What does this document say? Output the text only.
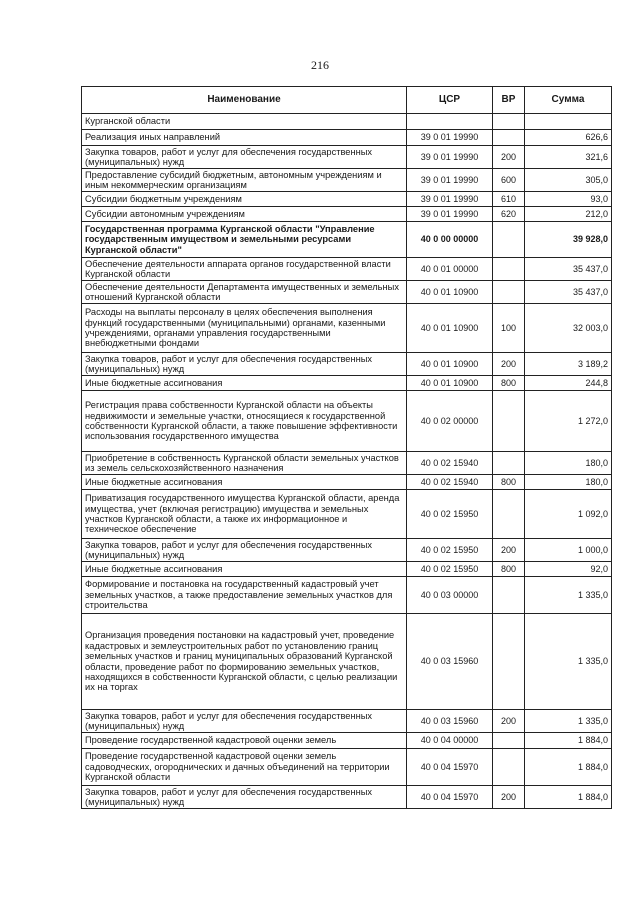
216
Наименование	ЦСР	ВР	Сумма
Курганской области			
Реализация иных направлений	39 0 01 19990		626,6
Закупка товаров, работ и услуг для обеспечения государственных (муниципальных) нужд	39 0 01 19990	200	321,6
Предоставление субсидий бюджетным, автономным учреждениям и иным некоммерческим организациям	39 0 01 19990	600	305,0
Субсидии бюджетным учреждениям	39 0 01 19990	610	93,0
Субсидии автономным учреждениям	39 0 01 19990	620	212,0
Государственная программа Курганской области "Управление государственным имуществом и земельными ресурсами Курганской области"	40 0 00 00000		39 928,0
Обеспечение деятельности аппарата органов государственной власти Курганской области	40 0 01 00000		35 437,0
Обеспечение деятельности Департамента имущественных и земельных отношений Курганской области	40 0 01 10900		35 437,0
Расходы на выплаты персоналу в целях обеспечения выполнения функций государственными (муниципальными) органами, казенными учреждениями, органами управления государственными внебюджетными фондами	40 0 01 10900	100	32 003,0
Закупка товаров, работ и услуг для обеспечения государственных (муниципальных) нужд	40 0 01 10900	200	3 189,2
Иные бюджетные ассигнования	40 0 01 10900	800	244,8
Регистрация права собственности Курганской области на объекты недвижимости и земельные участки, относящиеся к государственной собственности Курганской области, а также повышение эффективности использования государственного имущества	40 0 02 00000		1 272,0
Приобретение в собственность Курганской области земельных участков из земель сельскохозяйственного назначения	40 0 02 15940		180,0
Иные бюджетные ассигнования	40 0 02 15940	800	180,0
Приватизация государственного имущества Курганской области, аренда имущества, учет (включая регистрацию) имущества и земельных участков Курганской области, а также их информационное и техническое обеспечение	40 0 02 15950		1 092,0
Закупка товаров, работ и услуг для обеспечения государственных (муниципальных) нужд	40 0 02 15950	200	1 000,0
Иные бюджетные ассигнования	40 0 02 15950	800	92,0
Формирование и постановка на государственный кадастровый учет земельных участков, а также предоставление земельных участков для строительства	40 0 03 00000		1 335,0
Организация проведения постановки на кадастровый учет, проведение кадастровых и землеустроительных работ по установлению границ земельных участков и границ муниципальных образований Курганской области, проведение работ по формированию земельных участков, находящихся в собственности Курганской области, с целью реализации их на торгах	40 0 03 15960		1 335,0
Закупка товаров, работ и услуг для обеспечения государственных (муниципальных) нужд	40 0 03 15960	200	1 335,0
Проведение государственной кадастровой оценки земель	40 0 04 00000		1 884,0
Проведение государственной кадастровой оценки земель садоводческих, огороднических и дачных объединений на территории Курганской области	40 0 04 15970		1 884,0
Закупка товаров, работ и услуг для обеспечения государственных (муниципальных) нужд	40 0 04 15970	200	1 884,0
